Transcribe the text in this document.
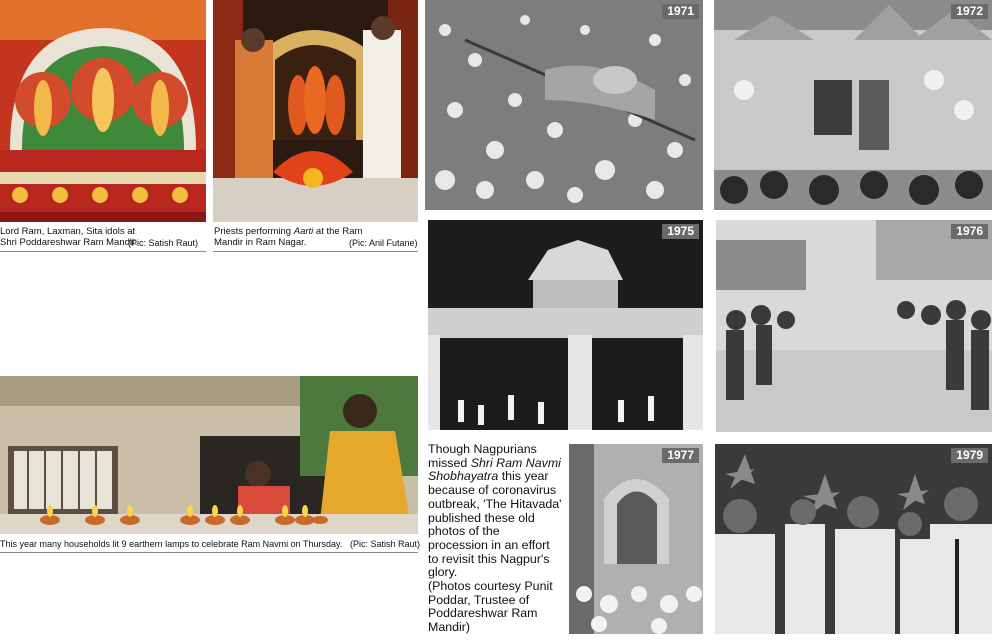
1971	1972
1975	1976
1977	1979
Lord Ram, Laxman, Sita idols at Shri Poddareshwar Ram Mandir.
(Pic: Satish Raut)
Priests performing Aarti at the Ram Mandir in Ram Nagar.	(Pic: Anil Futane)
This year many households lit 9 earthern lamps to celebrate Ram Navmi on Thursday. (Pic: Satish Raut)
Though Nagpurians missed Shri Ram Navmi Shobhayatra this year because of coronavirus outbreak, 'The Hitavada' published these old photos of the procession in an effort to revisit this Nagpur's glory.
(Photos courtesy Punit Poddar, Trustee of Poddareshwar Ram Mandir)
